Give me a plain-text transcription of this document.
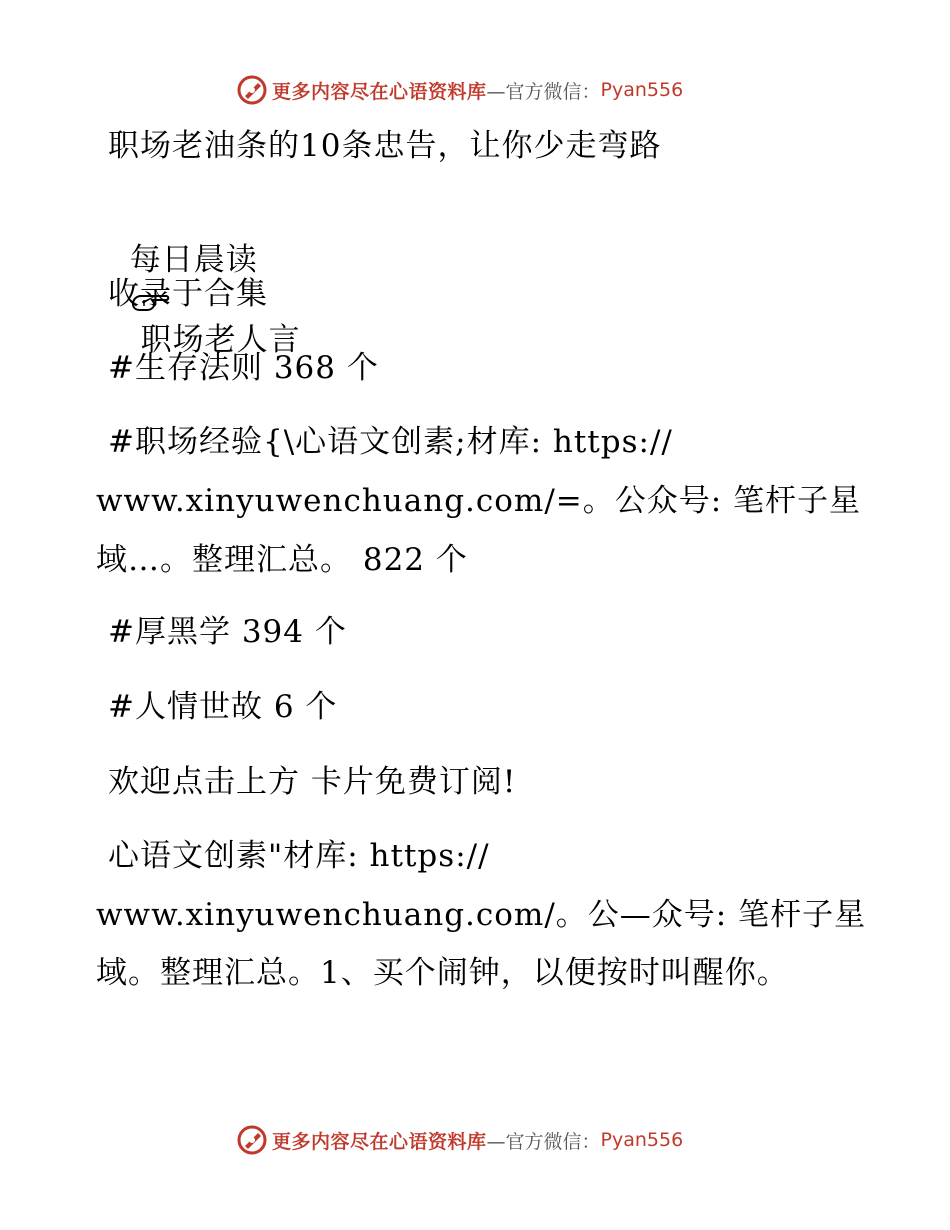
更多内容尽在心语资料库 —官方微信： Pyan556
职场老油条的10条忠告，让你少走弯路

每日晨读

职场老人言

收录于合集
#生存法则 368 个
#职场经验{\心语文创素;材库: https://
www.xinyuwenchuang.com/=。公众号: 笔杆子星
域…。整理汇总。 822 个
#厚黑学 394 个
#人情世故 6 个
欢迎点击上方 卡片免费订阅!
心语文创素"材库: https://
www.xinyuwenchuang.com/。公—众号: 笔杆子星
域。整理汇总。1、买个闹钟，以便按时叫醒你。
更多内容尽在心语资料库 —官方微信： Pyan556
